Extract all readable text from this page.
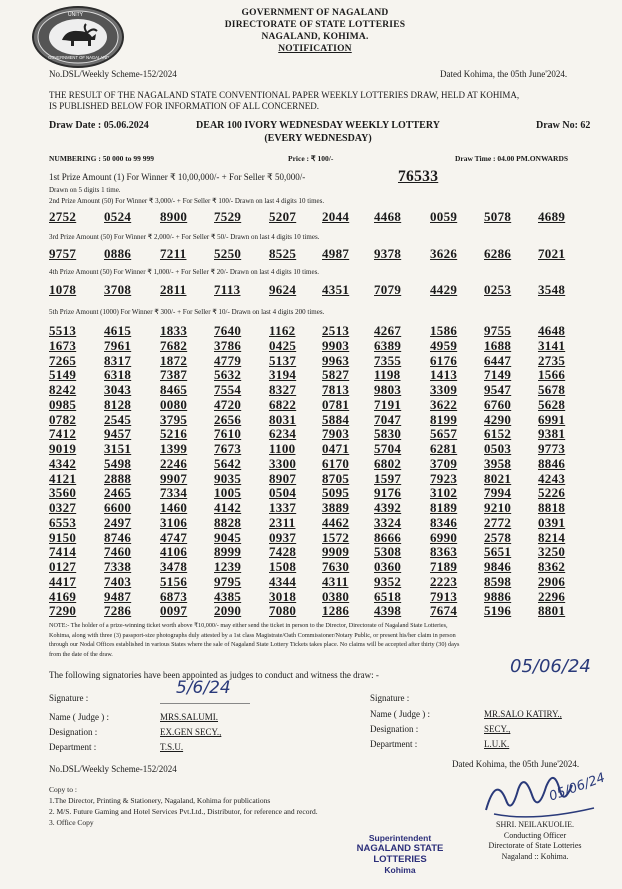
UNITY
GOVERNMENT OF NAGALAND
GOVERNMENT OF NAGALAND
DIRECTORATE OF STATE LOTTERIES
NAGALAND, KOHIMA.
NOTIFICATION
No.DSL/Weekly Scheme-152/2024	Dated Kohima, the 05th June'2024.
THE RESULT OF THE NAGALAND STATE CONVENTIONAL PAPER WEEKLY LOTTERIES DRAW, HELD AT KOHIMA,
IS PUBLISHED BELOW FOR INFORMATION OF ALL CONCERNED.
Draw Date : 05.06.2024	DEAR 100 IVORY WEDNESDAY WEEKLY LOTTERY
(EVERY WEDNESDAY)
Draw No: 62
NUMBERING : 50 000 to 99 999	Price : ₹ 100/-	Draw Time : 04.00 PM.ONWARDS
1st Prize Amount (1) For Winner ₹ 10,00,000/- + For Seller ₹ 50,000/-	76533
Drawn on 5 digits 1 time.
2nd Prize Amount (50) For Winner ₹ 3,000/- + For Seller ₹ 100/- Drawn on last 4 digits 10 times.
2752 0524 8900 7529 5207 2044 4468 0059 5078 4689
3rd Prize Amount (50) For Winner ₹ 2,000/- + For Seller ₹ 50/- Drawn on last 4 digits 10 times.
9757 0886 7211 5250 8525 4987 9378 3626 6286 7021
4th Prize Amount (50) For Winner ₹ 1,000/- + For Seller ₹ 20/- Drawn on last 4 digits 10 times.
1078 3708 2811 7113 9624 4351 7079 4429 0253 3548
5th Prize Amount (1000) For Winner ₹ 300/- + For Seller ₹ 10/- Drawn on last 4 digits 200 times.
5513 4615 1833 7640 1162 2513 4267 1586 9755 4648
1673 7961 7682 3786 0425 9903 6389 4959 1688 3141
7265 8317 1872 4779 5137 9963 7355 6176 6447 2735
5149 6318 7387 5632 3194 5827 1198 1413 7149 1566
8242 3043 8465 7554 8327 7813 9803 3309 9547 5678
0985 8128 0080 4720 6822 0781 7191 3622 6760 5628
0782 2545 3795 2656 8031 5884 7047 8199 4290 6991
7412 9457 5216 7610 6234 7903 5830 5657 6152 9381
9019 3151 1399 7673 1100 0471 5704 6281 0503 9773
4342 5498 2246 5642 3300 6170 6802 3709 3958 8846
4121 2888 9907 9035 8907 8705 1597 7923 8021 4243
3560 2465 7334 1005 0504 5095 9176 3102 7994 5226
0327 6600 1460 4142 1337 3889 4392 8189 9210 8818
6553 2497 3106 8828 2311 4462 3324 8346 2772 0391
9150 8746 4747 9045 0937 1572 8666 6990 2578 8214
7414 7460 4106 8999 7428 9909 5308 8363 5651 3250
0127 7338 3478 1239 1508 7630 0360 7189 9846 8362
4417 7403 5156 9795 4344 4311 9352 2223 8598 2906
4169 9487 6873 4385 3018 0380 6518 7913 9886 2296
7290 7286 0097 2090 7080 1286 4398 7674 5196 8801
NOTE:- The holder of a prize-winning ticket worth above ₹10,000/- may either send the ticket in person to the Director, Directorate of Nagaland State Lotteries,
Kohima, along with three (3) passport-size photographs duly attested by a 1st class Magistrate/Oath Commissioner/Notary Public, or present his/her claim in person
through our Nodal Offices established in various States where the sale of Nagaland State Lottery Tickets takes place. No claims will be accepted after thirty (30) days
from the date of the draw.
The following signatories have been appointed as judges to conduct and witness the draw: -
Signature :	5/6/24
Name ( Judge ) :	MRS.SALUMI.
Designation :	EX.GEN SECY.,
Department :	T.S.U.
05/06/24
Signature :
Name ( Judge ) :	MR.SALO KATIRY.,
Designation :	SECY.,
Department :	L.U.K.
No.DSL/Weekly Scheme-152/2024	Dated Kohima, the 05th June'2024.
Copy to :
1.The Director, Printing & Stationery, Nagaland, Kohima for publications
2. M/S. Future Gaming and Hotel Services Pvt.Ltd., Distributor, for reference and record.
3. Office Copy
05/06/24
SHRI. NEILAKUOLIE.
Conducting Officer
Directorate of State Lotteries
Nagaland :: Kohima.
Superintendent
NAGALAND STATE LOTTERIES
Kohima
